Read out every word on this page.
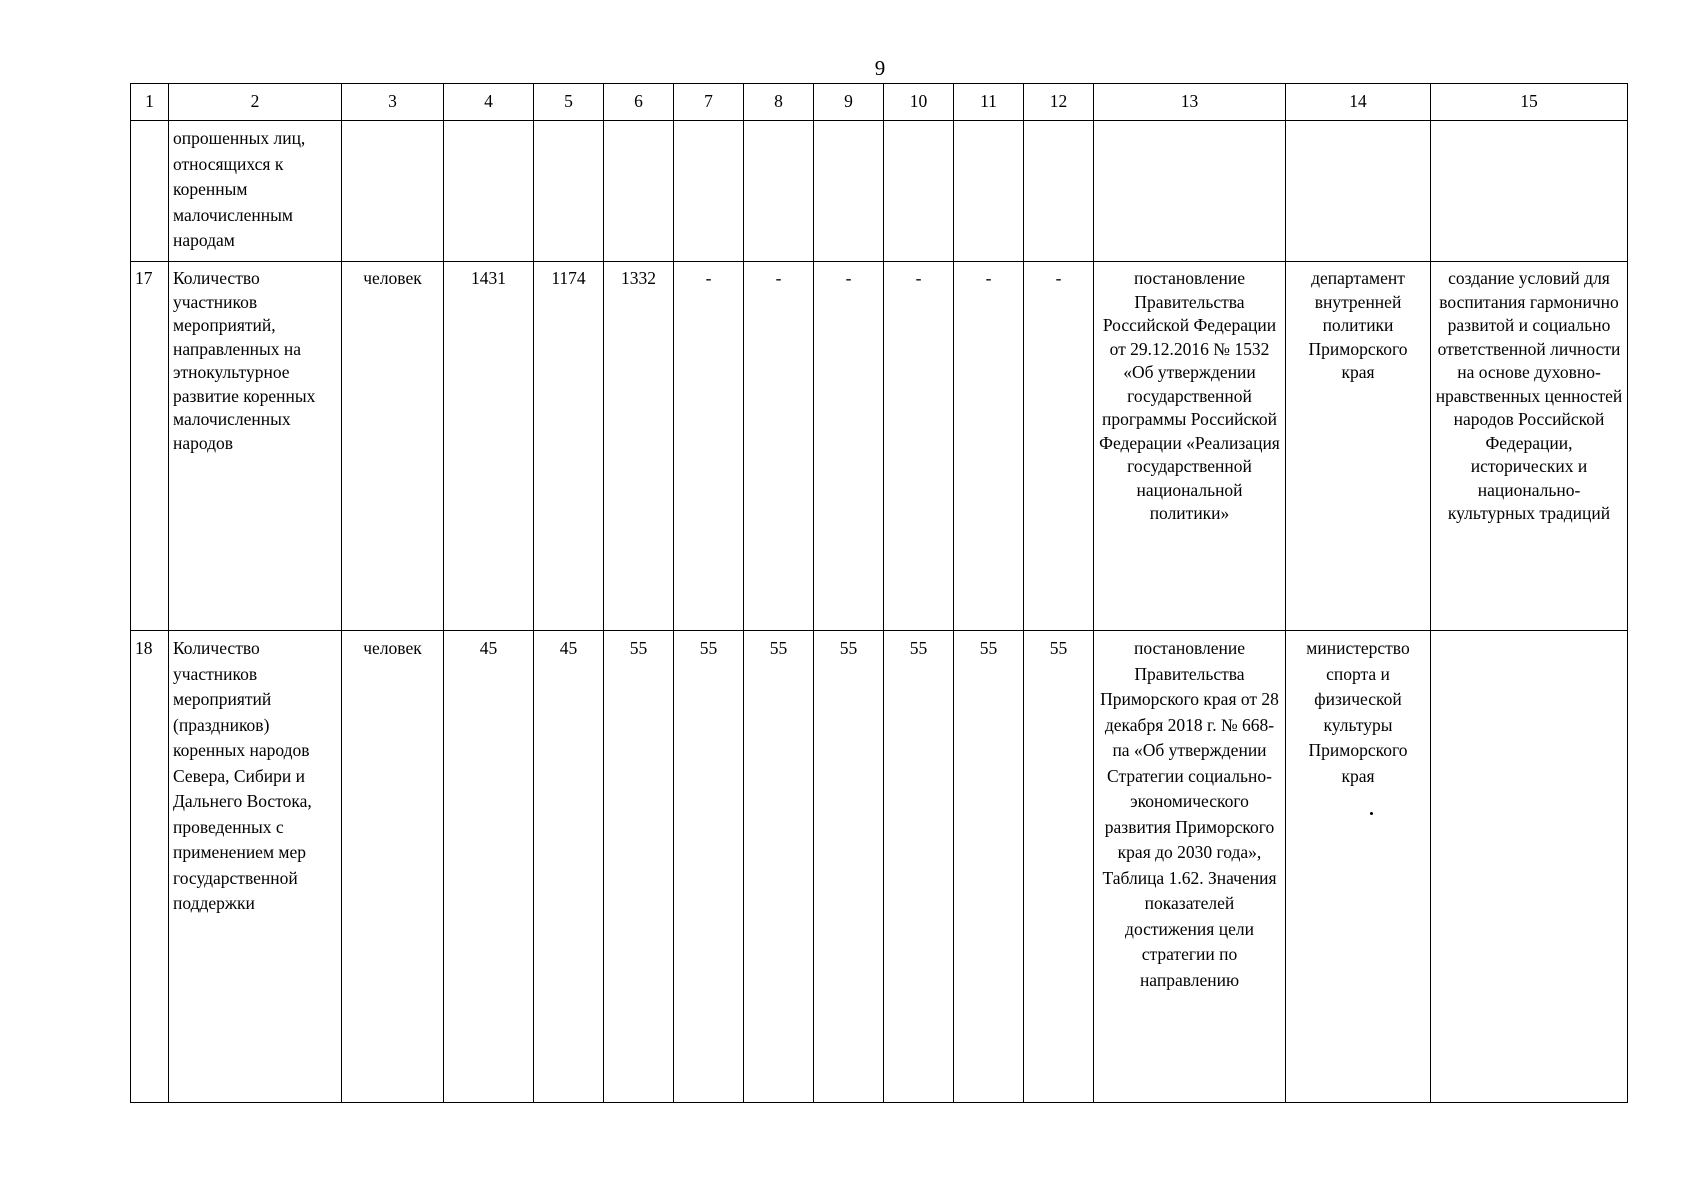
9
1	2	3	4	5	6	7	8	9	10	11	12	13	14	15
	опрошенных лиц, относящихся к коренным малочисленным народам													
17	Количество участников мероприятий, направленных на этнокультурное развитие коренных малочисленных народов	человек	1431	1174	1332	-	-	-	-	-	-	постановление Правительства Российской Федерации от 29.12.2016 № 1532 «Об утверждении государственной программы Российской Федерации «Реализация государственной национальной политики»	департамент внутренней политики Приморского края	создание условий для воспитания гармонично развитой и социально ответственной личности на основе духовно-нравственных ценностей народов Российской Федерации, исторических и национально-культурных традиций
18	Количество участников мероприятий (праздников) коренных народов Севера, Сибири и Дальнего Востока, проведенных с применением мер государственной поддержки	человек	45	45	55	55	55	55	55	55	55	постановление Правительства Приморского края от 28 декабря 2018 г. № 668-па «Об утверждении Стратегии социально-экономического развития Приморского края до 2030 года», Таблица 1.62. Значения показателей достижения цели стратегии по направлению	министерство спорта и физической культуры Приморского края
